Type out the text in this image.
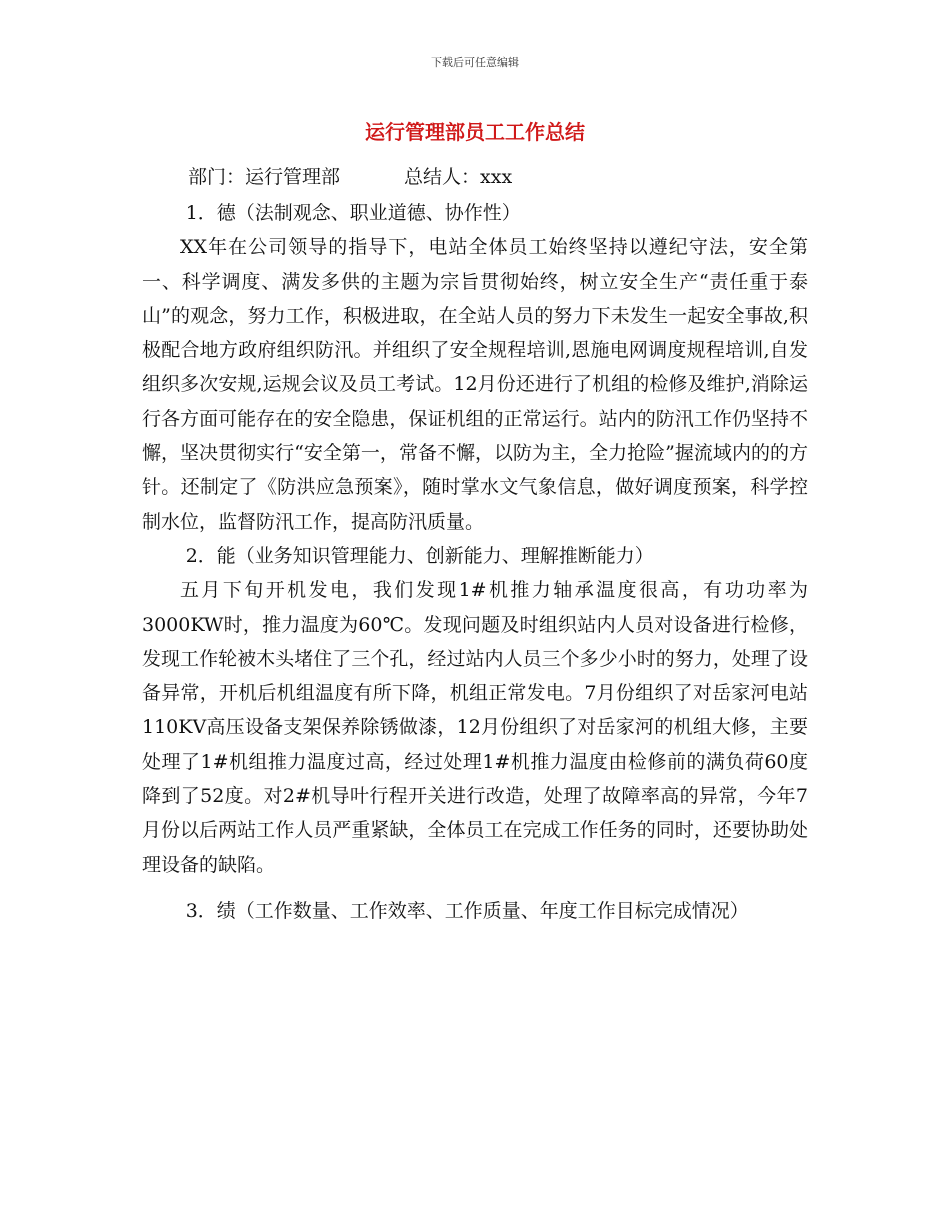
下载后可任意编辑
运行管理部员工工作总结
部门：运行管理部	总结人：xxx

1．德（法制观念、职业道德、协作性）

XX年在公司领导的指导下，电站全体员工始终坚持以遵纪守法，安全第一、科学调度、满发多供的主题为宗旨贯彻始终，树立安全生产“责任重于泰山”的观念，努力工作，积极进取，在全站人员的努力下未发生一起安全事故,积极配合地方政府组织防汛。并组织了安全规程培训,恩施电网调度规程培训,自发组织多次安规,运规会议及员工考试。12月份还进行了机组的检修及维护,消除运行各方面可能存在的安全隐患，保证机组的正常运行。站内的防汛工作仍坚持不懈，坚决贯彻实行“安全第一，常备不懈，以防为主，全力抢险”握流域内的的方针。还制定了《防洪应急预案》，随时掌水文气象信息，做好调度预案，科学控制水位，监督防汛工作，提高防汛质量。

2．能（业务知识管理能力、创新能力、理解推断能力）

五月下旬开机发电，我们发现1#机推力轴承温度很高，有功功率为3000KW时，推力温度为60℃。发现问题及时组织站内人员对设备进行检修，发现工作轮被木头堵住了三个孔，经过站内人员三个多少小时的努力，处理了设备异常，开机后机组温度有所下降，机组正常发电。7月份组织了对岳家河电站110KV高压设备支架保养除锈做漆，12月份组织了对岳家河的机组大修，主要处理了1#机组推力温度过高，经过处理1#机推力温度由检修前的满负荷60度降到了52度。对2#机导叶行程开关进行改造，处理了故障率高的异常，今年7月份以后两站工作人员严重紧缺，全体员工在完成工作任务的同时，还要协助处理设备的缺陷。

3．绩（工作数量、工作效率、工作质量、年度工作目标完成情况）
